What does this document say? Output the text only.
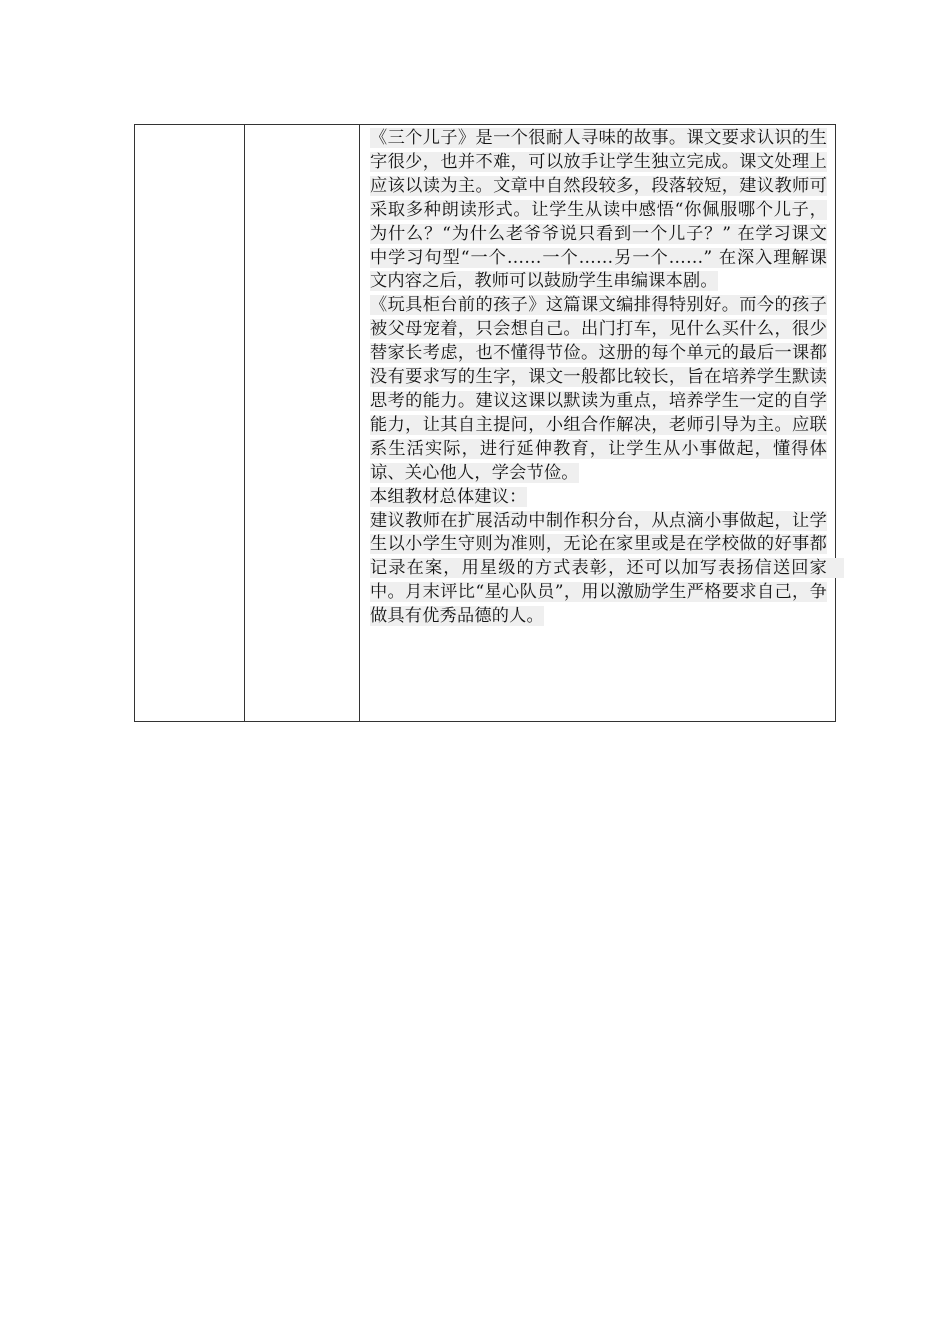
《三个儿子》是一个很耐人寻味的故事。课文要求认识的生字很少，也并不难，可以放手让学生独立完成。课文处理上应该以读为主。文章中自然段较多，段落较短，建议教师可采取多种朗读形式。让学生从读中感悟“你佩服哪个儿子，为什么？“为什么老爷爷说只看到一个儿子？” 在学习课文中学习句型“一个……一个……另一个……” 在深入理解课文内容之后，教师可以鼓励学生串编课本剧。

《玩具柜台前的孩子》这篇课文编排得特别好。而今的孩子被父母宠着，只会想自己。出门打车，见什么买什么，很少替家长考虑，也不懂得节俭。这册的每个单元的最后一课都没有要求写的生字，课文一般都比较长，旨在培养学生默读思考的能力。建议这课以默读为重点，培养学生一定的自学能力，让其自主提问，小组合作解决，老师引导为主。应联系生活实际，进行延伸教育，让学生从小事做起，懂得体谅、关心他人，学会节俭。

本组教材总体建议：

建议教师在扩展活动中制作积分台，从点滴小事做起，让学生以小学生守则为准则，无论在家里或是在学校做的好事都记录在案，用星级的方式表彰，还可以加写表扬信送回家　中。月末评比“星心队员”，用以激励学生严格要求自己，争做具有优秀品德的人。
